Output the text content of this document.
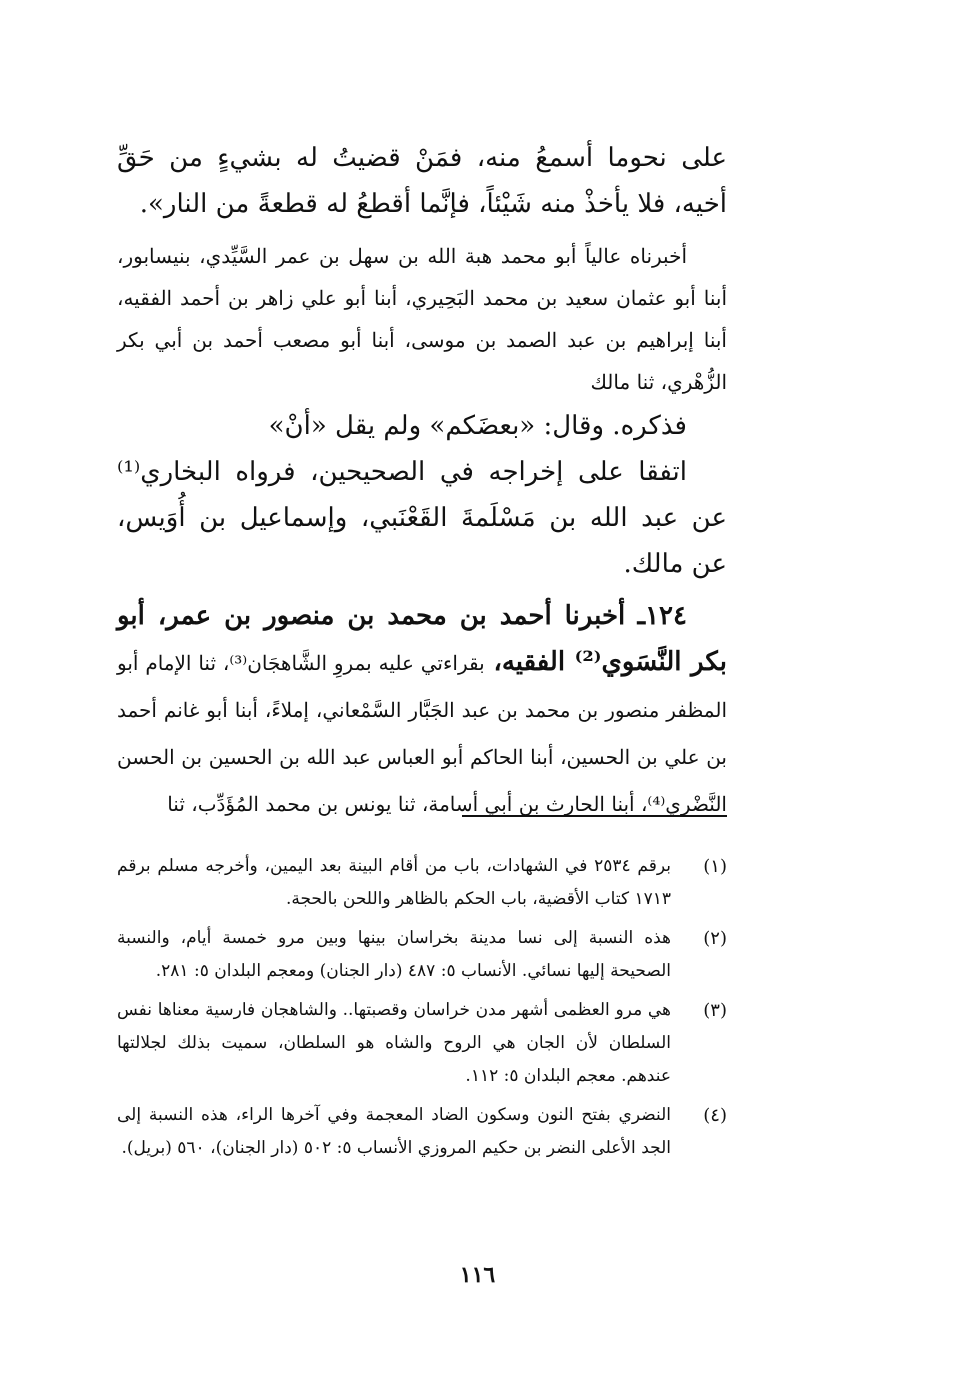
على نحوما أسمعُ منه، فمَنْ قضيتُ له بشيءٍ من حَقِّ أخيه، فلا يأخذْ منه شَيْئاً، فإنَّما أقطعُ له قطعةً من النار».

أخبرناه عالياً أبو محمد هبة الله بن سهل بن عمر السَّيِّدي، بنيسابور، أبنا أبو عثمان سعيد بن محمد البَحِيري، أبنا أبو علي زاهر بن أحمد الفقيه، أبنا إبراهيم بن عبد الصمد بن موسى، أبنا أبو مصعب أحمد بن أبي بكر الزُّهْري، ثنا مالك

فذكره. وقال: «بعضَكم» ولم يقل «أنْ»

اتفقا على إخراجه في الصحيحين، فرواه البخاري⁽¹⁾ عن عبد الله بن مَسْلَمةَ القَعْنَبي، وإسماعيل بن أُوَيس، عن مالك.

١٢٤ـ أخبرنا أحمد بن محمد بن منصور بن عمر، أبو بكر النَّسَوي⁽²⁾ الفقيه، بقراءتي عليه بمروِ الشَّاهجَان⁽³⁾، ثنا الإمام أبو المظفر منصور بن محمد بن عبد الجَبَّار السَّمْعاني، إملاءً، أبنا أبو غانم أحمد بن علي بن الحسين، أبنا الحاكم أبو العباس عبد الله بن الحسين بن الحسن النَّضْري⁽⁴⁾، أبنا الحارث بن أبي أسامة، ثنا يونس بن محمد المُؤَدِّب، ثنا

(١)
برقم ٢٥٣٤ في الشهادات، باب من أقام البينة بعد اليمين، وأخرجه مسلم برقم ١٧١٣ كتاب الأقضية، باب الحكم بالظاهر واللحن بالحجة.
(٢)
هذه النسبة إلى نسا مدينة بخراسان بينها وبين مرو خمسة أيام، والنسبة الصحيحة إليها نسائي. الأنساب ٥: ٤٨٧ (دار الجنان) ومعجم البلدان ٥: ٢٨١.
(٣)
هي مرو العظمى أشهر مدن خراسان وقصبتها.. والشاهجان فارسية معناها نفس السلطان لأن الجان هي الروح والشاه هو السلطان، سميت بذلك لجلالتها عندهم. معجم البلدان ٥: ١١٢.
(٤)
النضري بفتح النون وسكون الضاد المعجمة وفي آخرها الراء، هذه النسبة إلى الجد الأعلى النضر بن حكيم المروزي الأنساب ٥: ٥٠٢ (دار الجنان)، ٥٦٠ (بريل).
١١٦
